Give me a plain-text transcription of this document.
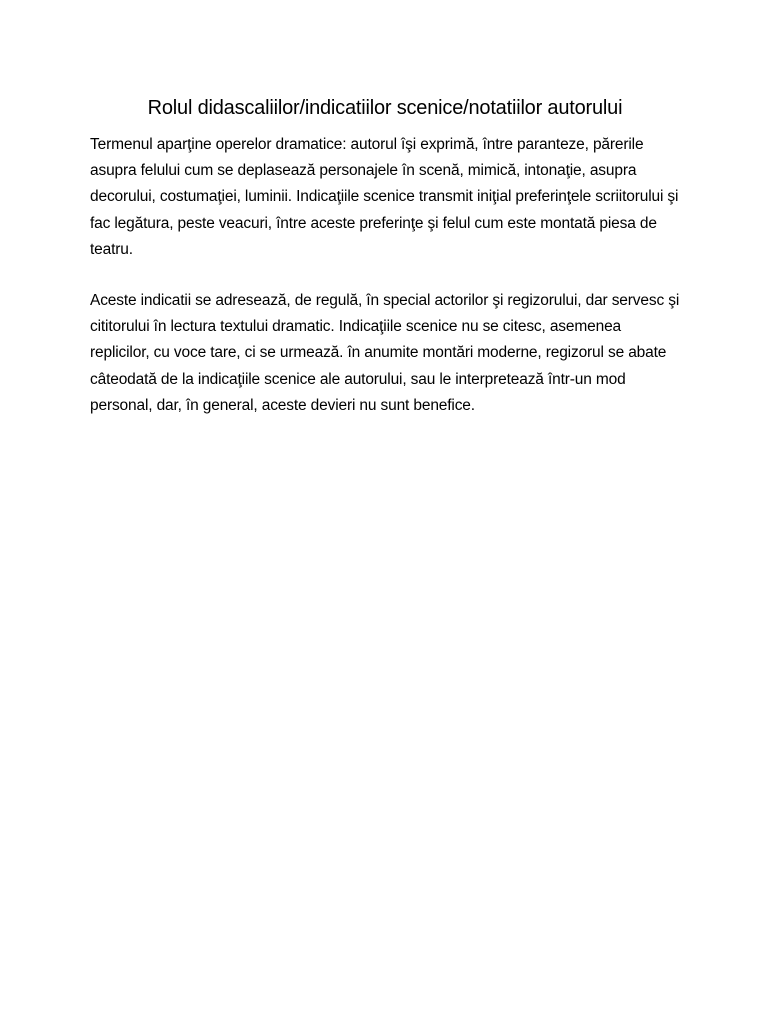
Rolul didascaliilor/indicatiilor scenice/notatiilor autorului

Termenul aparţine operelor dramatice: autorul îşi exprimă, între paranteze, părerile asupra felului cum se deplasează personajele în scenă, mimică, intonaţie, asupra decorului, costumaţiei, luminii. Indicaţiile scenice transmit iniţial preferinţele scriitorului şi fac legătura, peste veacuri, între aceste preferinţe şi felul cum este montată piesa de teatru.

Aceste indicatii se adresează, de regulă, în special actorilor şi regizorului, dar servesc şi cititorului în lectura textului dramatic. Indicaţiile scenice nu se citesc, asemenea replicilor, cu voce tare, ci se urmează. în anumite montări moderne, regizorul se abate câteodată de la indicaţiile scenice ale autorului, sau le interpretează într-un mod personal, dar, în general, aceste devieri nu sunt benefice.
